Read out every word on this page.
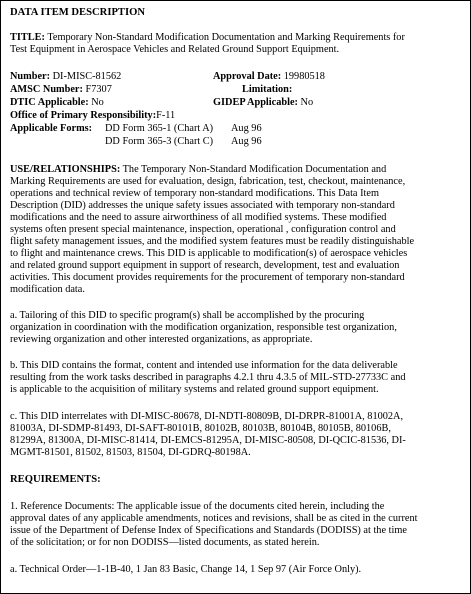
DATA ITEM DESCRIPTION
TITLE: Temporary Non-Standard Modification Documentation and Marking Requirements for
Test Equipment in Aerospace Vehicles and Related Ground Support Equipment.
Number: DI-MISC-81562	Approval Date: 19980518
AMSC Number: F7307	Limitation:
DTIC Applicable: No	GIDEP Applicable: No
Office of Primary Responsibility:F-11
Applicable Forms: DD Form 365-1 (Chart A) Aug 96
DD Form 365-3 (Chart C) Aug 96
USE/RELATIONSHIPS: The Temporary Non-Standard Modification Documentation and
Marking Requirements are used for evaluation, design, fabrication, test, checkout, maintenance,
operations and technical review of temporary non-standard modifications. This Data Item
Description (DID) addresses the unique safety issues associated with temporary non-standard
modifications and the need to assure airworthiness of all modified systems. These modified
systems often present special maintenance, inspection, operational , configuration control and
flight safety management issues, and the modified system features must be readily distinguishable
to flight and maintenance crews. This DID is applicable to modification(s) of aerospace vehicles
and related ground support equipment in support of research, development, test and evaluation
activities. This document provides requirements for the procurement of temporary non-standard
modification data.
a. Tailoring of this DID to specific program(s) shall be accomplished by the procuring
organization in coordination with the modification organization, responsible test organization,
reviewing organization and other interested organizations, as appropriate.
b. This DID contains the format, content and intended use information for the data deliverable
resulting from the work tasks described in paragraphs 4.2.1 thru 4.3.5 of MIL-STD-27733C and
is applicable to the acquisition of military systems and related ground support equipment.
c. This DID interrelates with DI-MISC-80678, DI-NDTI-80809B, DI-DRPR-81001A, 81002A,
81003A, DI-SDMP-81493, DI-SAFT-80101B, 80102B, 80103B, 80104B, 80105B, 80106B,
81299A, 81300A, DI-MISC-81414, DI-EMCS-81295A, DI-MISC-80508, DI-QCIC-81536, DI-
MGMT-81501, 81502, 81503, 81504, DI-GDRQ-80198A.
REQUIREMENTS:
1. Reference Documents: The applicable issue of the documents cited herein, including the
approval dates of any applicable amendments, notices and revisions, shall be as cited in the current
issue of the Department of Defense Index of Specifications and Standards (DODISS) at the time
of the solicitation; or for non DODISS—listed documents, as stated herein.
a. Technical Order—1-1B-40, 1 Jan 83 Basic, Change 14, 1 Sep 97 (Air Force Only).
